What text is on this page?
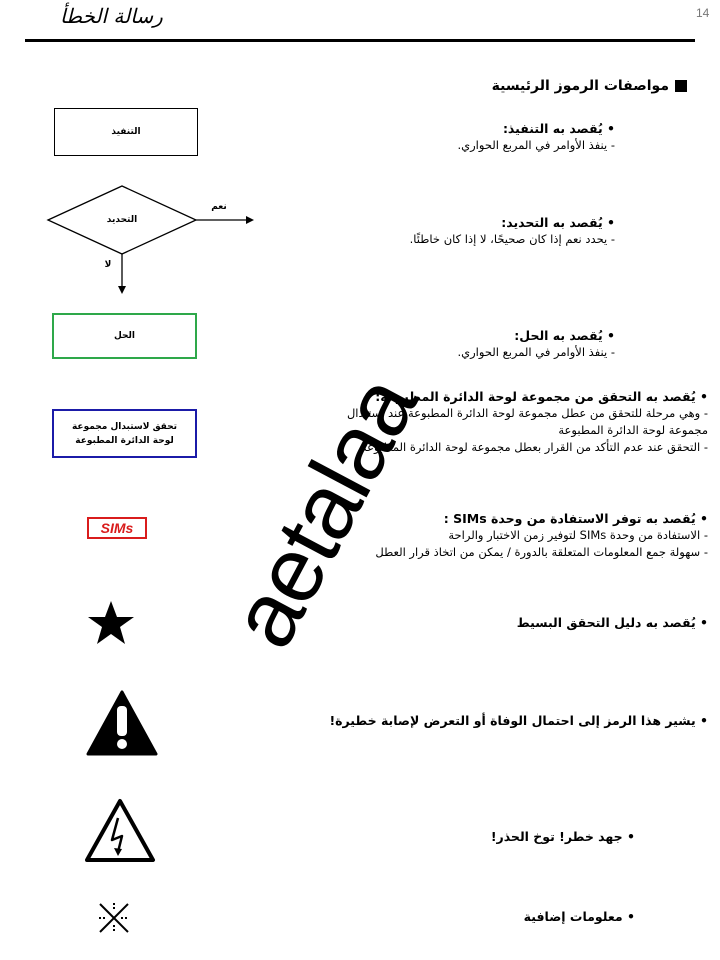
رسالة الخطأ	14
مواصفات الرموز الرئيسية
التنفيذ
التحديد
نعم
لا
الحل
تحقق لاستبدال مجموعة لوحة الدائرة المطبوعة
SIMs
• يُقصد به التنفيذ:
- ينفذ الأوامر في المربع الحواري.
• يُقصد به التحديد:
- يحدد نعم إذا كان صحيحًا، لا إذا كان خاطئًا.
• يُقصد به الحل:
- ينفذ الأوامر في المربع الحواري.
• يُقصد به التحقق من مجموعة لوحة الدائرة المطبوعة:
- وهي مرحلة للتحقق من عطل مجموعة لوحة الدائرة المطبوعة عند استبدال مجموعة لوحة الدائرة المطبوعة
- التحقق عند عدم التأكد من القرار بعطل مجموعة لوحة الدائرة المطبوعة
• يُقصد به توفر الاستفادة من وحدة SIMs :
- الاستفادة من وحدة SIMs لتوفير زمن الاختبار والراحة
- سهولة جمع المعلومات المتعلقة بالدورة / يمكن من اتخاذ قرار العطل
• يُقصد به دليل التحقق البسيط
• يشير هذا الرمز إلى احتمال الوفاة أو التعرض لإصابة خطيرة!
• جهد خطر! توخ الحذر!
• معلومات إضافية
aetalaa
